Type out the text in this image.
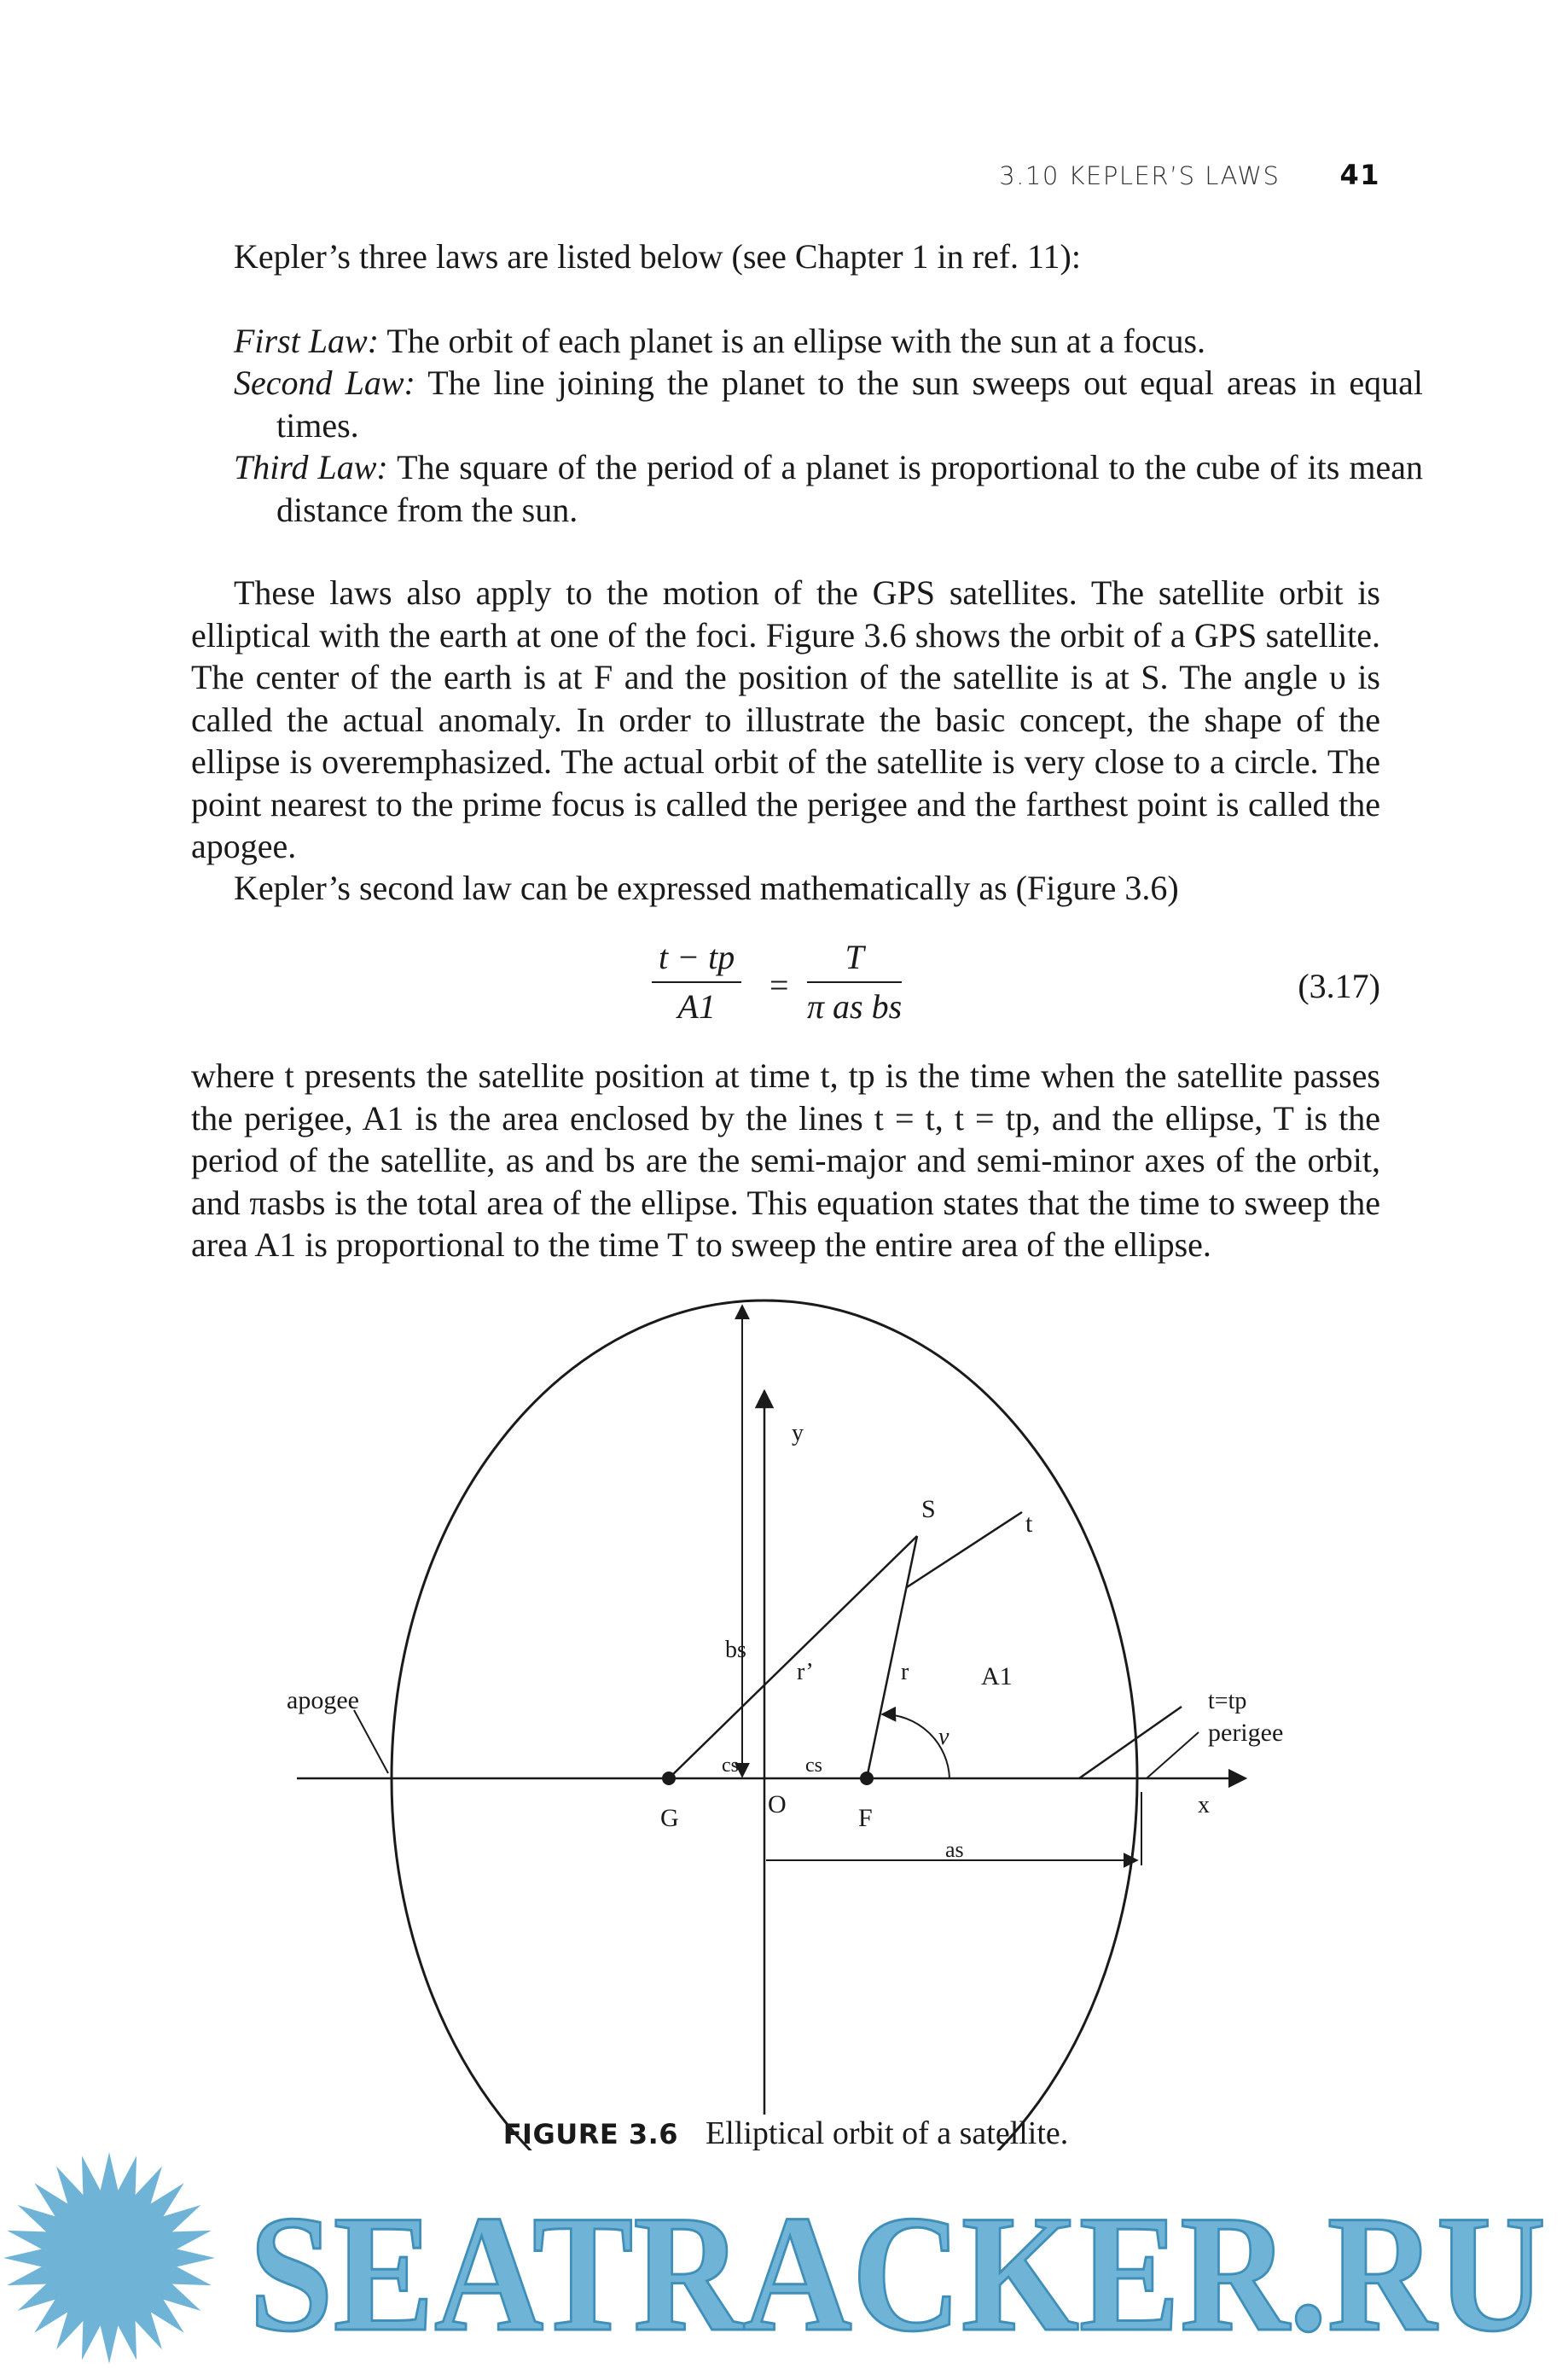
3.10 KEPLER’S LAWS 41

Kepler’s three laws are listed below (see Chapter 1 in ref. 11):

First Law: The orbit of each planet is an ellipse with the sun at a focus.

Second Law: The line joining the planet to the sun sweeps out equal areas in equal times.

Third Law: The square of the period of a planet is proportional to the cube of its mean distance from the sun.

These laws also apply to the motion of the GPS satellites. The satellite orbit is elliptical with the earth at one of the foci. Figure 3.6 shows the orbit of a GPS satellite. The center of the earth is at F and the position of the satellite is at S. The angle υ is called the actual anomaly. In order to illustrate the basic concept, the shape of the ellipse is overemphasized. The actual orbit of the satellite is very close to a circle. The point nearest to the prime focus is called the perigee and the farthest point is called the apogee.

Kepler’s second law can be expressed mathematically as (Figure 3.6)

$\frac{t - tp}{A1} = \frac{T}{\text{π as bs}}$	(3.17)

where t presents the satellite position at time t, tp is the time when the satellite passes the perigee, A1 is the area enclosed by the lines t = t, t = tp, and the ellipse, T is the period of the satellite, as and bs are the semi-major and semi-minor axes of the orbit, and πasbs is the total area of the ellipse. This equation states that the time to sweep the area A1 is proportional to the time T to sweep the entire area of the ellipse.

y
x
S
t
bs
r’	r	A1
apogee	t=tp
perigee
ν
cs	cs
G	O	F
as
FIGURE 3.6 Elliptical orbit of a satellite.
SEATRACKER.RU
